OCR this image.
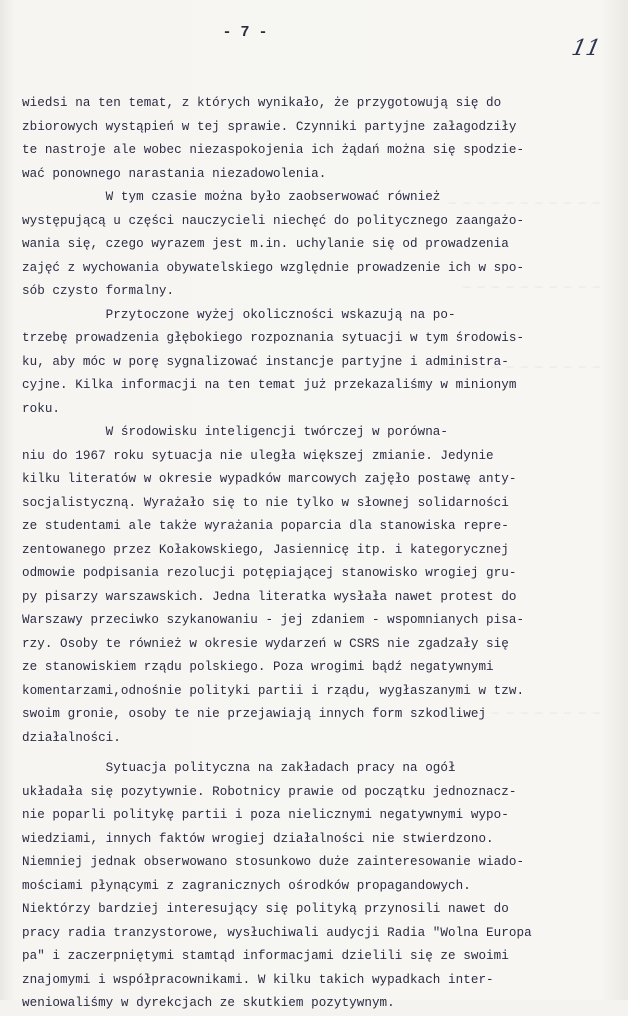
- 7 -
11
— — — — — — — — — — —
— — — — — — — — — —
— — — — — — — — — — —
— — — — — — — — — —
wiedsi na ten temat, z których wynikało, że przygotowują się do
zbiorowych wystąpień w tej sprawie. Czynniki partyjne załagodziły
te nastroje ale wobec niezaspokojenia ich żądań można się spodzie-
wać ponownego narastania niezadowolenia.
W tym czasie można było zaobserwować również
występującą u części nauczycieli niechęć do politycznego zaangażo-
wania się, czego wyrazem jest m.in. uchylanie się od prowadzenia
zajęć z wychowania obywatelskiego względnie prowadzenie ich w spo-
sób czysto formalny.
Przytoczone wyżej okoliczności wskazują na po-
trzebę prowadzenia głębokiego rozpoznania sytuacji w tym środowis-
ku, aby móc w porę sygnalizować instancje partyjne i administra-
cyjne. Kilka informacji na ten temat już przekazaliśmy w minionym
roku.
W środowisku inteligencji twórczej w porówna-
niu do 1967 roku sytuacja nie uległa większej zmianie. Jedynie
kilku literatów w okresie wypadków marcowych zajęło postawę anty-
socjalistyczną. Wyrażało się to nie tylko w słownej solidarności
ze studentami ale także wyrażania poparcia dla stanowiska repre-
zentowanego przez Kołakowskiego, Jasiennicę itp. i kategorycznej
odmowie podpisania rezolucji potępiającej stanowisko wrogiej gru-
py pisarzy warszawskich. Jedna literatka wysłała nawet protest do
Warszawy przeciwko szykanowaniu - jej zdaniem - wspomnianych pisa-
rzy. Osoby te również w okresie wydarzeń w CSRS nie zgadzały się
ze stanowiskiem rządu polskiego. Poza wrogimi bądź negatywnymi
komentarzami,odnośnie polityki partii i rządu, wygłaszanymi w tzw.
swoim gronie, osoby te nie przejawiają innych form szkodliwej
działalności.
Sytuacja polityczna na zakładach pracy na ogół
układała się pozytywnie. Robotnicy prawie od początku jednoznacz-
nie poparli politykę partii i poza nielicznymi negatywnymi wypo-
wiedziami, innych faktów wrogiej działalności nie stwierdzono.
Niemniej jednak obserwowano stosunkowo duże zainteresowanie wiado-
mościami płynącymi z zagranicznych ośrodków propagandowych.
Niektórzy bardziej interesujący się polityką przynosili nawet do
pracy radia tranzystorowe, wysłuchiwali audycji Radia "Wolna Europa
pa" i zaczerpniętymi stamtąd informacjami dzielili się ze swoimi
znajomymi i współpracownikami. W kilku takich wypadkach inter-
weniowaliśmy w dyrekcjach ze skutkiem pozytywnym.
